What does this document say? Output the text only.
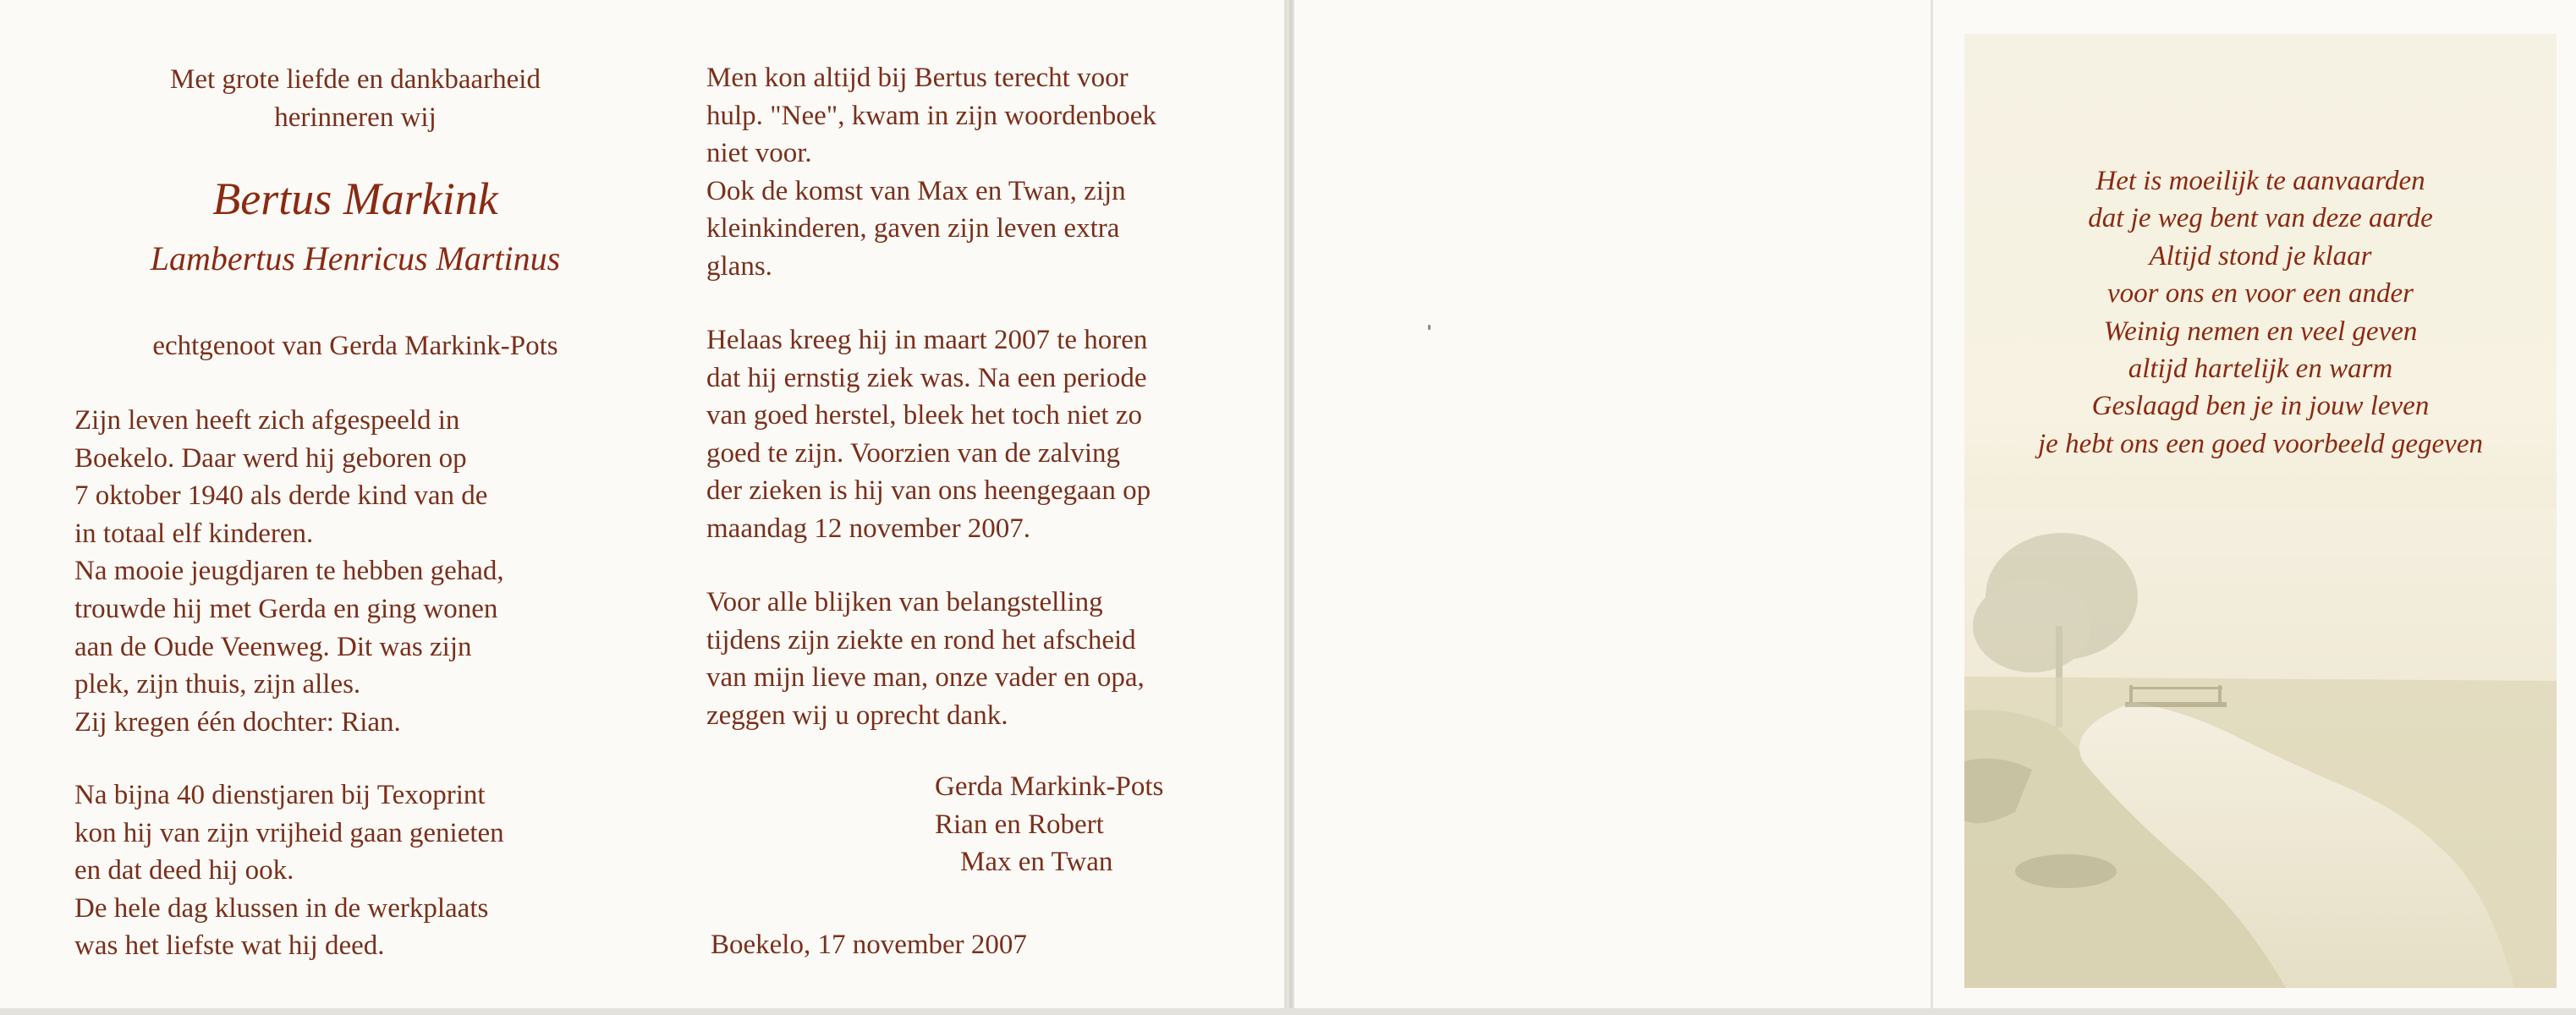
Met grote liefde en dankbaarheid
herinneren wij
Bertus Markink
Lambertus Henricus Martinus
echtgenoot van Gerda Markink-Pots
Zijn leven heeft zich afgespeeld in
Boekelo. Daar werd hij geboren op
7 oktober 1940 als derde kind van de
in totaal elf kinderen.
Na mooie jeugdjaren te hebben gehad,
trouwde hij met Gerda en ging wonen
aan de Oude Veenweg. Dit was zijn
plek, zijn thuis, zijn alles.
Zij kregen één dochter: Rian.
Na bijna 40 dienstjaren bij Texoprint
kon hij van zijn vrijheid gaan genieten
en dat deed hij ook.
De hele dag klussen in de werkplaats
was het liefste wat hij deed.
Men kon altijd bij Bertus terecht voor
hulp. "Nee", kwam in zijn woordenboek
niet voor.
Ook de komst van Max en Twan, zijn
kleinkinderen, gaven zijn leven extra
glans.
Helaas kreeg hij in maart 2007 te horen
dat hij ernstig ziek was. Na een periode
van goed herstel, bleek het toch niet zo
goed te zijn. Voorzien van de zalving
der zieken is hij van ons heengegaan op
maandag 12 november 2007.
Voor alle blijken van belangstelling
tijdens zijn ziekte en rond het afscheid
van mijn lieve man, onze vader en opa,
zeggen wij u oprecht dank.
Gerda Markink-Pots
Rian en Robert
Max en Twan
Boekelo, 17 november 2007
Het is moeilijk te aanvaarden
dat je weg bent van deze aarde
Altijd stond je klaar
voor ons en voor een ander
Weinig nemen en veel geven
altijd hartelijk en warm
Geslaagd ben je in jouw leven
je hebt ons een goed voorbeeld gegeven
